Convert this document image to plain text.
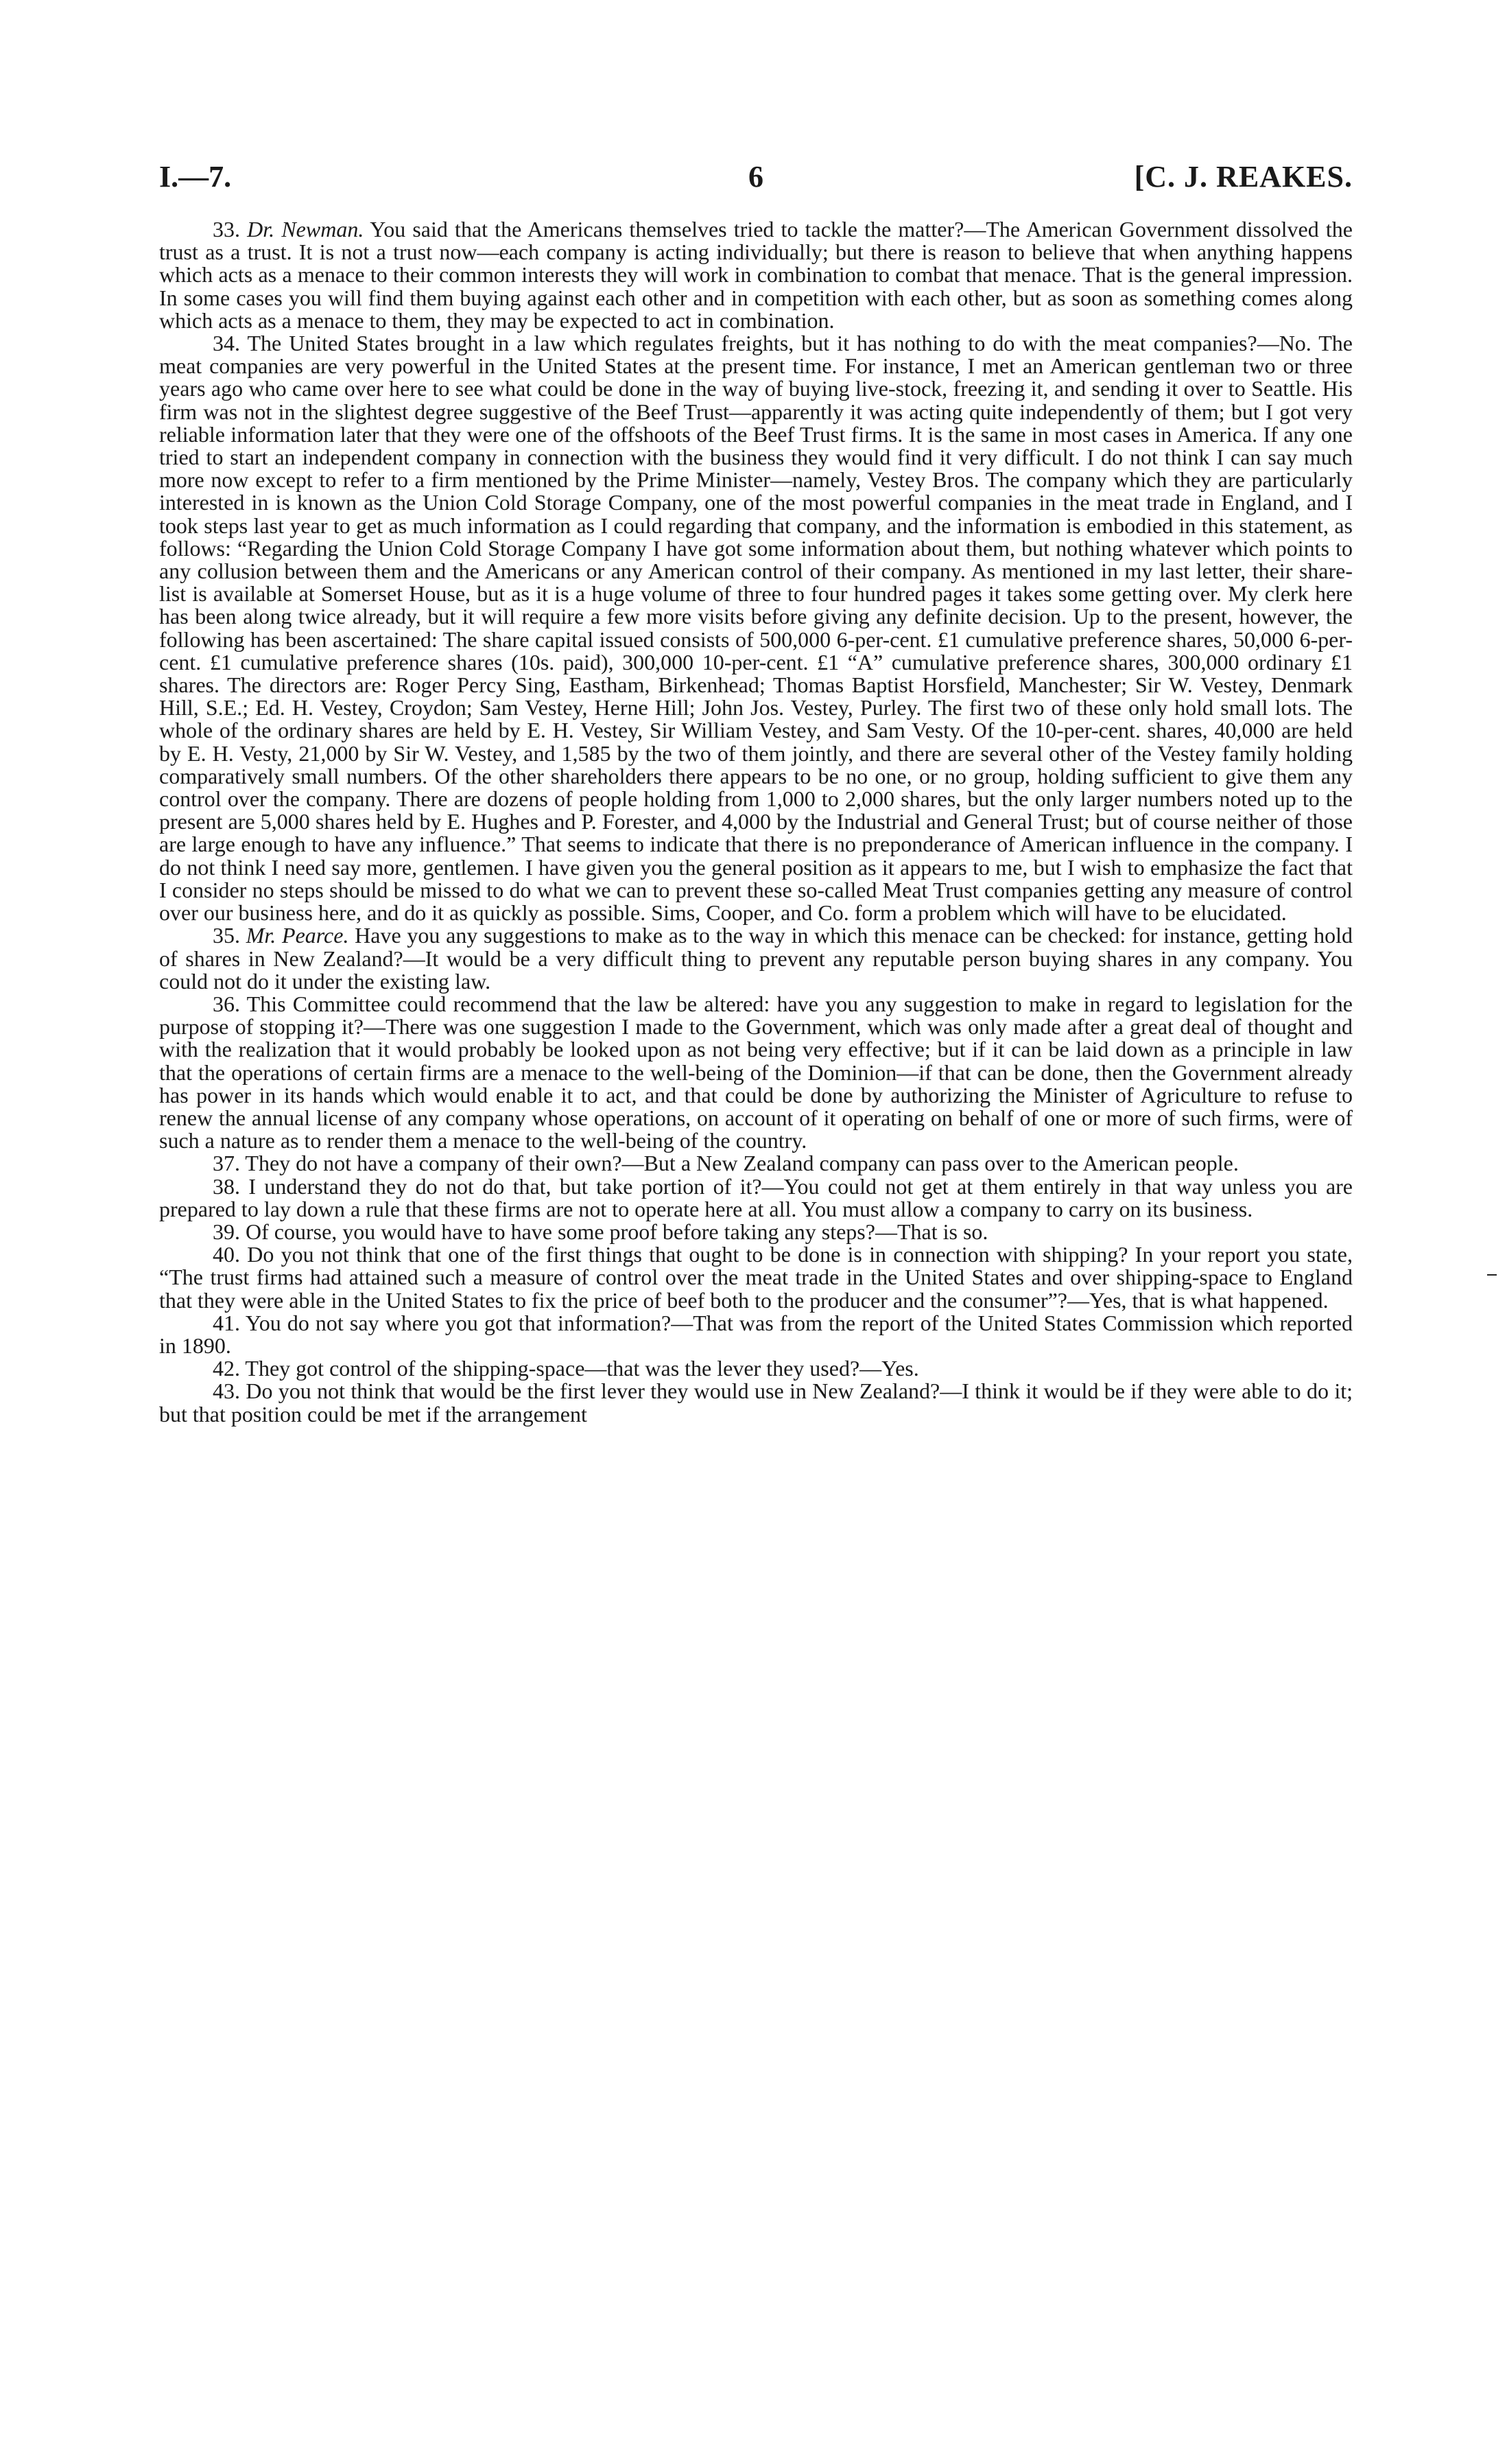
I.—7.	6	[C. J. REAKES.

33. Dr. Newman. You said that the Americans themselves tried to tackle the matter?—The American Government dissolved the trust as a trust. It is not a trust now—each company is acting individually; but there is reason to believe that when anything happens which acts as a menace to their common interests they will work in combination to combat that menace. That is the general impression. In some cases you will find them buying against each other and in competition with each other, but as soon as something comes along which acts as a menace to them, they may be expected to act in combination.

34. The United States brought in a law which regulates freights, but it has nothing to do with the meat companies?—No. The meat companies are very powerful in the United States at the present time. For instance, I met an American gentleman two or three years ago who came over here to see what could be done in the way of buying live-stock, freezing it, and sending it over to Seattle. His firm was not in the slightest degree suggestive of the Beef Trust—apparently it was acting quite independently of them; but I got very reliable information later that they were one of the offshoots of the Beef Trust firms. It is the same in most cases in America. If any one tried to start an independent company in connection with the business they would find it very difficult. I do not think I can say much more now except to refer to a firm mentioned by the Prime Minister—namely, Vestey Bros. The company which they are particularly interested in is known as the Union Cold Storage Company, one of the most powerful companies in the meat trade in England, and I took steps last year to get as much information as I could regarding that company, and the information is embodied in this statement, as follows: “Regarding the Union Cold Storage Company I have got some information about them, but nothing whatever which points to any collusion between them and the Americans or any American control of their company. As mentioned in my last letter, their share-list is available at Somerset House, but as it is a huge volume of three to four hundred pages it takes some getting over. My clerk here has been along twice already, but it will require a few more visits before giving any definite decision. Up to the present, however, the following has been ascertained: The share capital issued consists of 500,000 6-per-cent. £1 cumulative preference shares, 50,000 6-per-cent. £1 cumulative preference shares (10s. paid), 300,000 10-per-cent. £1 “A” cumulative preference shares, 300,000 ordinary £1 shares. The directors are: Roger Percy Sing, Eastham, Birkenhead; Thomas Baptist Horsfield, Manchester; Sir W. Vestey, Denmark Hill, S.E.; Ed. H. Vestey, Croydon; Sam Vestey, Herne Hill; John Jos. Vestey, Purley. The first two of these only hold small lots. The whole of the ordinary shares are held by E. H. Vestey, Sir William Vestey, and Sam Vesty. Of the 10-per-cent. shares, 40,000 are held by E. H. Vesty, 21,000 by Sir W. Vestey, and 1,585 by the two of them jointly, and there are several other of the Vestey family holding comparatively small numbers. Of the other shareholders there appears to be no one, or no group, holding sufficient to give them any control over the company. There are dozens of people holding from 1,000 to 2,000 shares, but the only larger numbers noted up to the present are 5,000 shares held by E. Hughes and P. Forester, and 4,000 by the Industrial and General Trust; but of course neither of those are large enough to have any influence.” That seems to indicate that there is no preponderance of American influence in the company. I do not think I need say more, gentlemen. I have given you the general position as it appears to me, but I wish to emphasize the fact that I consider no steps should be missed to do what we can to prevent these so-called Meat Trust companies getting any measure of control over our business here, and do it as quickly as possible. Sims, Cooper, and Co. form a problem which will have to be elucidated.

35. Mr. Pearce. Have you any suggestions to make as to the way in which this menace can be checked: for instance, getting hold of shares in New Zealand?—It would be a very difficult thing to prevent any reputable person buying shares in any company. You could not do it under the existing law.

36. This Committee could recommend that the law be altered: have you any suggestion to make in regard to legislation for the purpose of stopping it?—There was one suggestion I made to the Government, which was only made after a great deal of thought and with the realization that it would probably be looked upon as not being very effective; but if it can be laid down as a principle in law that the operations of certain firms are a menace to the well-being of the Dominion—if that can be done, then the Government already has power in its hands which would enable it to act, and that could be done by authorizing the Minister of Agriculture to refuse to renew the annual license of any company whose operations, on account of it operating on behalf of one or more of such firms, were of such a nature as to render them a menace to the well-being of the country.

37. They do not have a company of their own?—But a New Zealand company can pass over to the American people.

38. I understand they do not do that, but take portion of it?—You could not get at them entirely in that way unless you are prepared to lay down a rule that these firms are not to operate here at all. You must allow a company to carry on its business.

39. Of course, you would have to have some proof before taking any steps?—That is so.

40. Do you not think that one of the first things that ought to be done is in connection with shipping? In your report you state, “The trust firms had attained such a measure of control over the meat trade in the United States and over shipping-space to England that they were able in the United States to fix the price of beef both to the producer and the consumer”?—Yes, that is what happened.

41. You do not say where you got that information?—That was from the report of the United States Commission which reported in 1890.

42. They got control of the shipping-space—that was the lever they used?—Yes.

43. Do you not think that would be the first lever they would use in New Zealand?—I think it would be if they were able to do it; but that position could be met if the arrangement
